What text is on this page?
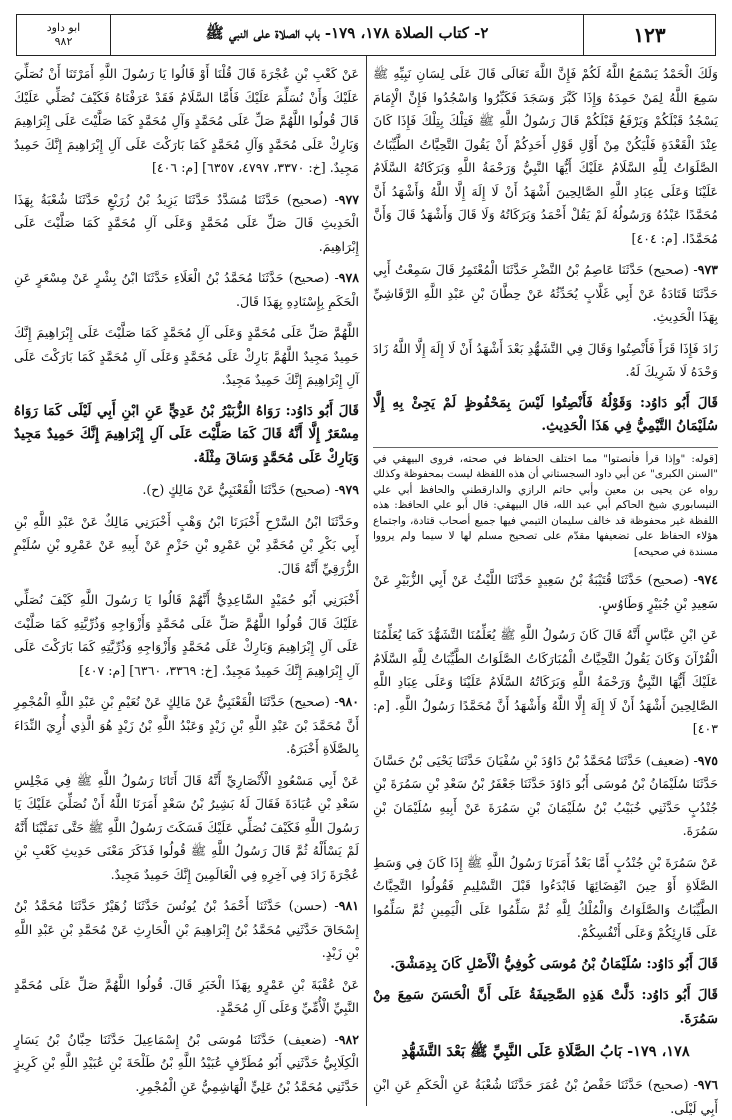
١٢٣
٢- كتاب الصلاة ١٧٨، ١٧٩- باب الصلاة على النبي ﷺ
ابو داود
٩٨٢

وَلَكَ الْحَمْدُ يَسْمَعُ اللَّهُ لَكُمْ فَإِنَّ اللَّهَ تَعَالَى قَالَ عَلَى لِسَانِ نَبِيِّهِ ﷺ سَمِعَ اللَّهُ لِمَنْ حَمِدَهُ وَإِذَا كَبَّرَ وَسَجَدَ فَكَبِّرُوا وَاسْجُدُوا فَإِنَّ الْإِمَامَ يَسْجُدُ قَبْلَكُمْ وَيَرْفَعُ قَبْلَكُمْ قَالَ رَسُولُ اللَّهِ ﷺ فَتِلْكَ بِتِلْكَ فَإِذَا كَانَ عِنْدَ الْقَعْدَةِ فَلْيَكُنْ مِنْ أَوَّلِ قَوْلِ أَحَدِكُمْ أَنْ يَقُولَ التَّحِيَّاتُ الطَّيِّبَاتُ الصَّلَوَاتُ لِلَّهِ السَّلَامُ عَلَيْكَ أَيُّهَا النَّبِيُّ وَرَحْمَةُ اللَّهِ وَبَرَكَاتُهُ السَّلَامُ عَلَيْنَا وَعَلَى عِبَادِ اللَّهِ الصَّالِحِينَ أَشْهَدُ أَنْ لَا إِلَهَ إِلَّا اللَّهُ وَأَشْهَدُ أَنَّ مُحَمَّدًا عَبْدُهُ وَرَسُولُهُ لَمْ يَقُلْ أَحْمَدُ وَبَرَكَاتُهُ وَلَا قَالَ وَأَشْهَدُ قَالَ وَأَنَّ مُحَمَّدًا. [م: ٤٠٤]

٩٧٣- (صحيح) حَدَّثَنَا عَاصِمُ بْنُ النَّضْرِ حَدَّثَنَا الْمُعْتَمِرُ قَالَ سَمِعْتُ أَبِي حَدَّثَنَا قَتَادَةُ عَنْ أَبِي غَلَّابٍ يُحَدِّثُهُ عَنْ حِطَّانَ بْنِ عَبْدِ اللَّهِ الرَّقَاشِيِّ بِهَذَا الْحَدِيثِ.

زَادَ فَإِذَا قَرَأَ فَأَنْصِتُوا وَقَالَ فِي التَّشَهُّدِ بَعْدَ أَشْهَدُ أَنْ لَا إِلَهَ إِلَّا اللَّهُ زَادَ وَحْدَهُ لَا شَرِيكَ لَهُ.

قَالَ أَبُو دَاوُد: وَقَوْلُهُ فَأَنْصِتُوا لَيْسَ بِمَحْفُوظٍ لَمْ يَجِئْ بِهِ إِلَّا سُلَيْمَانُ التَّيْمِيُّ فِي هَذَا الْحَدِيثِ.

[قوله: "وإذا قرأ فأنصتوا" مما اختلف الحفاظ في صحته، فروى البيهقي في "السنن الكبرى" عن أبي داود السجستاني أن هذه اللفظة ليست بمحفوظة وكذلك رواه عن يحيى بن معين وأبي حاتم الرازي والدارقطني والحافظ أبي علي النيسابوري شيخ الحاكم أبي عبد الله، قال البيهقي: قال أبو علي الحافظ: هذه اللفظة غير محفوظة قد خالف سليمان التيمي فيها جميع أصحاب قتادة، واجتماع هؤلاء الحفاظ على تضعيفها مقدّم على تصحيح مسلم لها لا سيما ولم يرووا مسندة في صحيحه]

٩٧٤- (صحيح) حَدَّثَنَا قُتَيْبَةُ بْنُ سَعِيدٍ حَدَّثَنَا اللَّيْثُ عَنْ أَبِي الزُّبَيْرِ عَنْ سَعِيدِ بْنِ جُبَيْرٍ وَطَاوُسٍ.

عَنِ ابْنِ عَبَّاسٍ أَنَّهُ قَالَ كَانَ رَسُولُ اللَّهِ ﷺ يُعَلِّمُنَا التَّشَهُّدَ كَمَا يُعَلِّمُنَا الْقُرْآنَ وَكَانَ يَقُولُ التَّحِيَّاتُ الْمُبَارَكَاتُ الصَّلَوَاتُ الطَّيِّبَاتُ لِلَّهِ السَّلَامُ عَلَيْكَ أَيُّهَا النَّبِيُّ وَرَحْمَةُ اللَّهِ وَبَرَكَاتُهُ السَّلَامُ عَلَيْنَا وَعَلَى عِبَادِ اللَّهِ الصَّالِحِينَ أَشْهَدُ أَنْ لَا إِلَهَ إِلَّا اللَّهُ وَأَشْهَدُ أَنَّ مُحَمَّدًا رَسُولُ اللَّهِ. [م: ٤٠٣]

٩٧٥- (ضعيف) حَدَّثَنَا مُحَمَّدُ بْنُ دَاوُدَ بْنِ سُفْيَانَ حَدَّثَنَا يَحْيَى بْنُ حَسَّانَ حَدَّثَنَا سُلَيْمَانُ بْنُ مُوسَى أَبُو دَاوُدَ حَدَّثَنَا جَعْفَرُ بْنُ سَعْدِ بْنِ سَمُرَةَ بْنِ جُنْدُبٍ حَدَّثَنِي خُبَيْبُ بْنُ سُلَيْمَانَ بْنِ سَمُرَةَ عَنْ أَبِيهِ سُلَيْمَانَ بْنِ سَمُرَةَ.

عَنْ سَمُرَةَ بْنِ جُنْدُبٍ أَمَّا بَعْدُ أَمَرَنَا رَسُولُ اللَّهِ ﷺ إِذَا كَانَ فِي وَسَطِ الصَّلَاةِ أَوْ حِينَ انْقِضَائِهَا فَابْدَءُوا قَبْلَ التَّسْلِيمِ فَقُولُوا التَّحِيَّاتُ الطَّيِّبَاتُ وَالصَّلَوَاتُ وَالْمُلْكُ لِلَّهِ ثُمَّ سَلِّمُوا عَلَى الْيَمِينِ ثُمَّ سَلِّمُوا عَلَى قَارِئِكُمْ وَعَلَى أَنْفُسِكُمْ.

قَالَ أَبُو دَاوُد: سُلَيْمَانُ بْنُ مُوسَى كُوفِيُّ الْأَصْلِ كَانَ بِدِمَشْقَ.

قَالَ أَبُو دَاوُد: دَلَّتْ هَذِهِ الصَّحِيفَةُ عَلَى أَنَّ الْحَسَنَ سَمِعَ مِنْ سَمُرَةَ.

١٧٨، ١٧٩- بَابُ الصَّلَاةِ عَلَى النَّبِيِّ ﷺ بَعْدَ التَّشَهُّدِ

٩٧٦- (صحيح) حَدَّثَنَا حَفْصُ بْنُ عُمَرَ حَدَّثَنَا شُعْبَةُ عَنِ الْحَكَمِ عَنِ ابْنِ أَبِي لَيْلَى.

عَنْ كَعْبِ بْنِ عُجْرَةَ قَالَ قُلْنَا أَوْ قَالُوا يَا رَسُولَ اللَّهِ أَمَرْتَنَا أَنْ نُصَلِّيَ عَلَيْكَ وَأَنْ نُسَلِّمَ عَلَيْكَ فَأَمَّا السَّلَامُ فَقَدْ عَرَفْنَاهُ فَكَيْفَ نُصَلِّي عَلَيْكَ قَالَ قُولُوا اللَّهُمَّ صَلِّ عَلَى مُحَمَّدٍ وَآلِ مُحَمَّدٍ كَمَا صَلَّيْتَ عَلَى إِبْرَاهِيمَ وَبَارِكْ عَلَى مُحَمَّدٍ وَآلِ مُحَمَّدٍ كَمَا بَارَكْتَ عَلَى آلِ إِبْرَاهِيمَ إِنَّكَ حَمِيدٌ مَجِيدٌ. [خ: ٣٣٧٠، ٤٧٩٧، ٦٣٥٧] [م: ٤٠٦]

٩٧٧- (صحيح) حَدَّثَنَا مُسَدَّدٌ حَدَّثَنَا يَزِيدُ بْنُ زُرَيْعٍ حَدَّثَنَا شُعْبَةُ بِهَذَا الْحَدِيثِ قَالَ صَلِّ عَلَى مُحَمَّدٍ وَعَلَى آلِ مُحَمَّدٍ كَمَا صَلَّيْتَ عَلَى إِبْرَاهِيمَ.

٩٧٨- (صحيح) حَدَّثَنَا مُحَمَّدُ بْنُ الْعَلَاءِ حَدَّثَنَا ابْنُ بِشْرٍ عَنْ مِسْعَرٍ عَنِ الْحَكَمِ بِإِسْنَادِهِ بِهَذَا قَالَ.

اللَّهُمَّ صَلِّ عَلَى مُحَمَّدٍ وَعَلَى آلِ مُحَمَّدٍ كَمَا صَلَّيْتَ عَلَى إِبْرَاهِيمَ إِنَّكَ حَمِيدٌ مَجِيدٌ اللَّهُمَّ بَارِكْ عَلَى مُحَمَّدٍ وَعَلَى آلِ مُحَمَّدٍ كَمَا بَارَكْتَ عَلَى آلِ إِبْرَاهِيمَ إِنَّكَ حَمِيدٌ مَجِيدٌ.

قَالَ أَبُو دَاوُد: رَوَاهُ الزُّبَيْرُ بْنُ عَدِيٍّ عَنِ ابْنِ أَبِي لَيْلَى كَمَا رَوَاهُ مِسْعَرٌ إِلَّا أَنَّهُ قَالَ كَمَا صَلَّيْتَ عَلَى آلِ إِبْرَاهِيمَ إِنَّكَ حَمِيدٌ مَجِيدٌ وَبَارِكْ عَلَى مُحَمَّدٍ وَسَاقَ مِثْلَهُ.

٩٧٩- (صحيح) حَدَّثَنَا الْقَعْنَبِيُّ عَنْ مَالِكٍ (ح).

وحَدَّثَنَا ابْنُ السَّرْحِ أَخْبَرَنَا ابْنُ وَهْبٍ أَخْبَرَنِي مَالِكٌ عَنْ عَبْدِ اللَّهِ بْنِ أَبِي بَكْرِ بْنِ مُحَمَّدِ بْنِ عَمْرِو بْنِ حَزْمٍ عَنْ أَبِيهِ عَنْ عَمْرِو بْنِ سُلَيْمٍ الزُّرَقِيِّ أَنَّهُ قَالَ.

أَخْبَرَنِي أَبُو حُمَيْدٍ السَّاعِدِيُّ أَنَّهُمْ قَالُوا يَا رَسُولَ اللَّهِ كَيْفَ نُصَلِّي عَلَيْكَ قَالَ قُولُوا اللَّهُمَّ صَلِّ عَلَى مُحَمَّدٍ وَأَزْوَاجِهِ وَذُرِّيَّتِهِ كَمَا صَلَّيْتَ عَلَى آلِ إِبْرَاهِيمَ وَبَارِكْ عَلَى مُحَمَّدٍ وَأَزْوَاجِهِ وَذُرِّيَّتِهِ كَمَا بَارَكْتَ عَلَى آلِ إِبْرَاهِيمَ إِنَّكَ حَمِيدٌ مَجِيدٌ. [خ: ٣٣٦٩، ٦٣٦٠] [م: ٤٠٧]

٩٨٠- (صحيح) حَدَّثَنَا الْقَعْنَبِيُّ عَنْ مَالِكٍ عَنْ نُعَيْمِ بْنِ عَبْدِ اللَّهِ الْمُجْمِرِ أَنَّ مُحَمَّدَ بْنَ عَبْدِ اللَّهِ بْنِ زَيْدٍ وَعَبْدُ اللَّهِ بْنُ زَيْدٍ هُوَ الَّذِي أُرِيَ النِّدَاءَ بِالصَّلَاةِ أَخْبَرَهُ.

عَنْ أَبِي مَسْعُودٍ الْأَنْصَارِيِّ أَنَّهُ قَالَ أَتَانَا رَسُولُ اللَّهِ ﷺ فِي مَجْلِسِ سَعْدِ بْنِ عُبَادَةَ فَقَالَ لَهُ بَشِيرُ بْنُ سَعْدٍ أَمَرَنَا اللَّهُ أَنْ نُصَلِّيَ عَلَيْكَ يَا رَسُولَ اللَّهِ فَكَيْفَ نُصَلِّي عَلَيْكَ فَسَكَتَ رَسُولُ اللَّهِ ﷺ حَتَّى تَمَنَّيْنَا أَنَّهُ لَمْ يَسْأَلْهُ ثُمَّ قَالَ رَسُولُ اللَّهِ ﷺ قُولُوا فَذَكَرَ مَعْنَى حَدِيثِ كَعْبِ بْنِ عُجْرَةَ زَادَ فِي آخِرِهِ فِي الْعَالَمِينَ إِنَّكَ حَمِيدٌ مَجِيدٌ.

٩٨١- (حسن) حَدَّثَنَا أَحْمَدُ بْنُ يُونُسَ حَدَّثَنَا زُهَيْرٌ حَدَّثَنَا مُحَمَّدُ بْنُ إِسْحَاقَ حَدَّثَنِي مُحَمَّدُ بْنُ إِبْرَاهِيمَ بْنِ الْحَارِثِ عَنْ مُحَمَّدِ بْنِ عَبْدِ اللَّهِ بْنِ زَيْدٍ.

عَنْ عُقْبَةَ بْنِ عَمْرٍو بِهَذَا الْخَبَرِ قَالَ. قُولُوا اللَّهُمَّ صَلِّ عَلَى مُحَمَّدٍ النَّبِيِّ الْأُمِّيِّ وَعَلَى آلِ مُحَمَّدٍ.

٩٨٢- (ضعيف) حَدَّثَنَا مُوسَى بْنُ إِسْمَاعِيلَ حَدَّثَنَا حِبَّانُ بْنُ يَسَارٍ الْكِلَابِيُّ حَدَّثَنِي أَبُو مُطَرِّفٍ عُبَيْدُ اللَّهِ بْنُ طَلْحَةَ بْنِ عُبَيْدِ اللَّهِ بْنِ كَرِيزٍ حَدَّثَنِي مُحَمَّدُ بْنُ عَلِيٍّ الْهَاشِمِيُّ عَنِ الْمُجْمِرِ.
